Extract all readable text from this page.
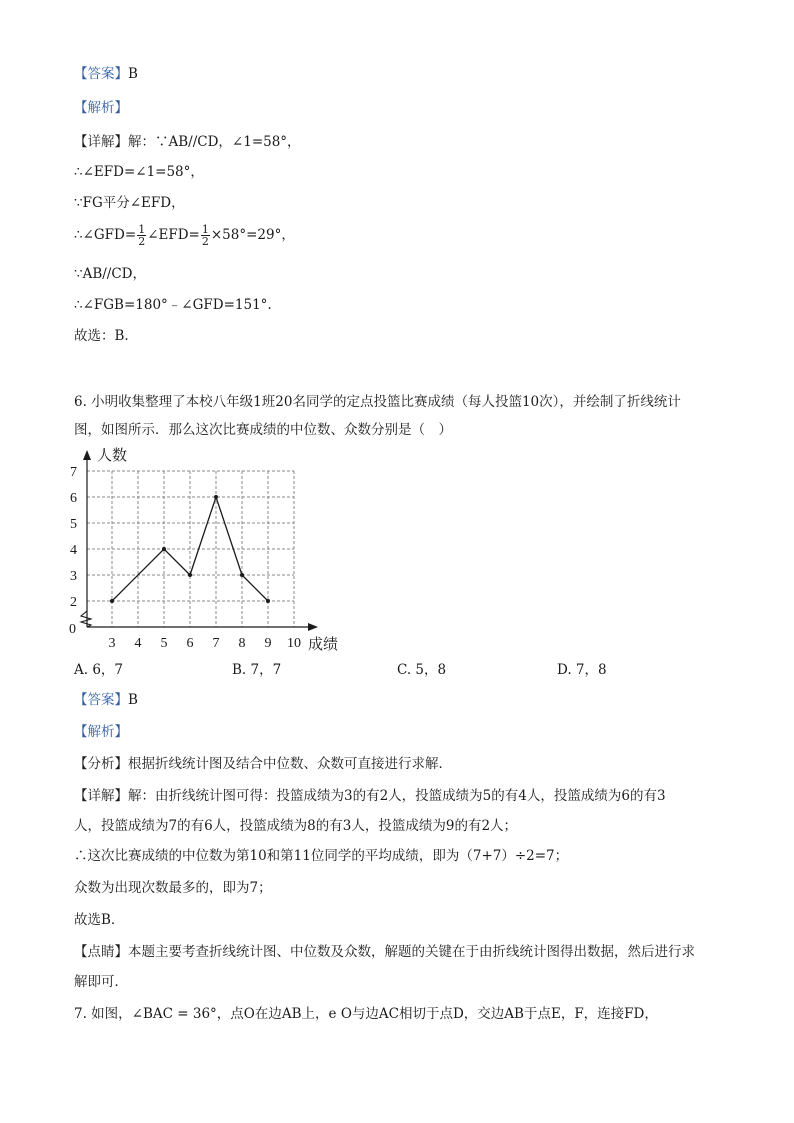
【答案】B
【解析】
【详解】解：∵AB//CD，∠1=58°，
∴∠EFD=∠1=58°，
∵FG平分∠EFD，
∴∠GFD= $\frac{1}{2}$ ∠EFD= $\frac{1}{2} \times 58^\circ=29^\circ$，
∵AB//CD，
∴∠FGB=180°﹣∠GFD=151°.
故选：B.
6. 小明收集整理了本校八年级1班20名同学的定点投篮比赛成绩（每人投篮10次），并绘制了折线统计
图，如图所示．那么这次比赛成绩的中位数、众数分别是（　）
0
2
3
4
5
6
7
3 4 5 6 7 8 9 10
人数
成绩
A. 6，7	B. 7，7	C. 5，8	D. 7，8
【答案】B
【解析】
【分析】根据折线统计图及结合中位数、众数可直接进行求解．
【详解】解：由折线统计图可得：投篮成绩为3的有2人，投篮成绩为5的有4人，投篮成绩为6的有3
人，投篮成绩为7的有6人，投篮成绩为8的有3人，投篮成绩为9的有2人；
∴这次比赛成绩的中位数为第10和第11位同学的平均成绩，即为（7+7）÷2=7；
众数为出现次数最多的，即为7；
故选B．
【点睛】本题主要考查折线统计图、中位数及众数，解题的关键在于由折线统计图得出数据，然后进行求
解即可．
7. 如图，∠BAC = 36°，点O在边AB上，e O与边AC相切于点D，交边AB于点E，F，连接FD，
